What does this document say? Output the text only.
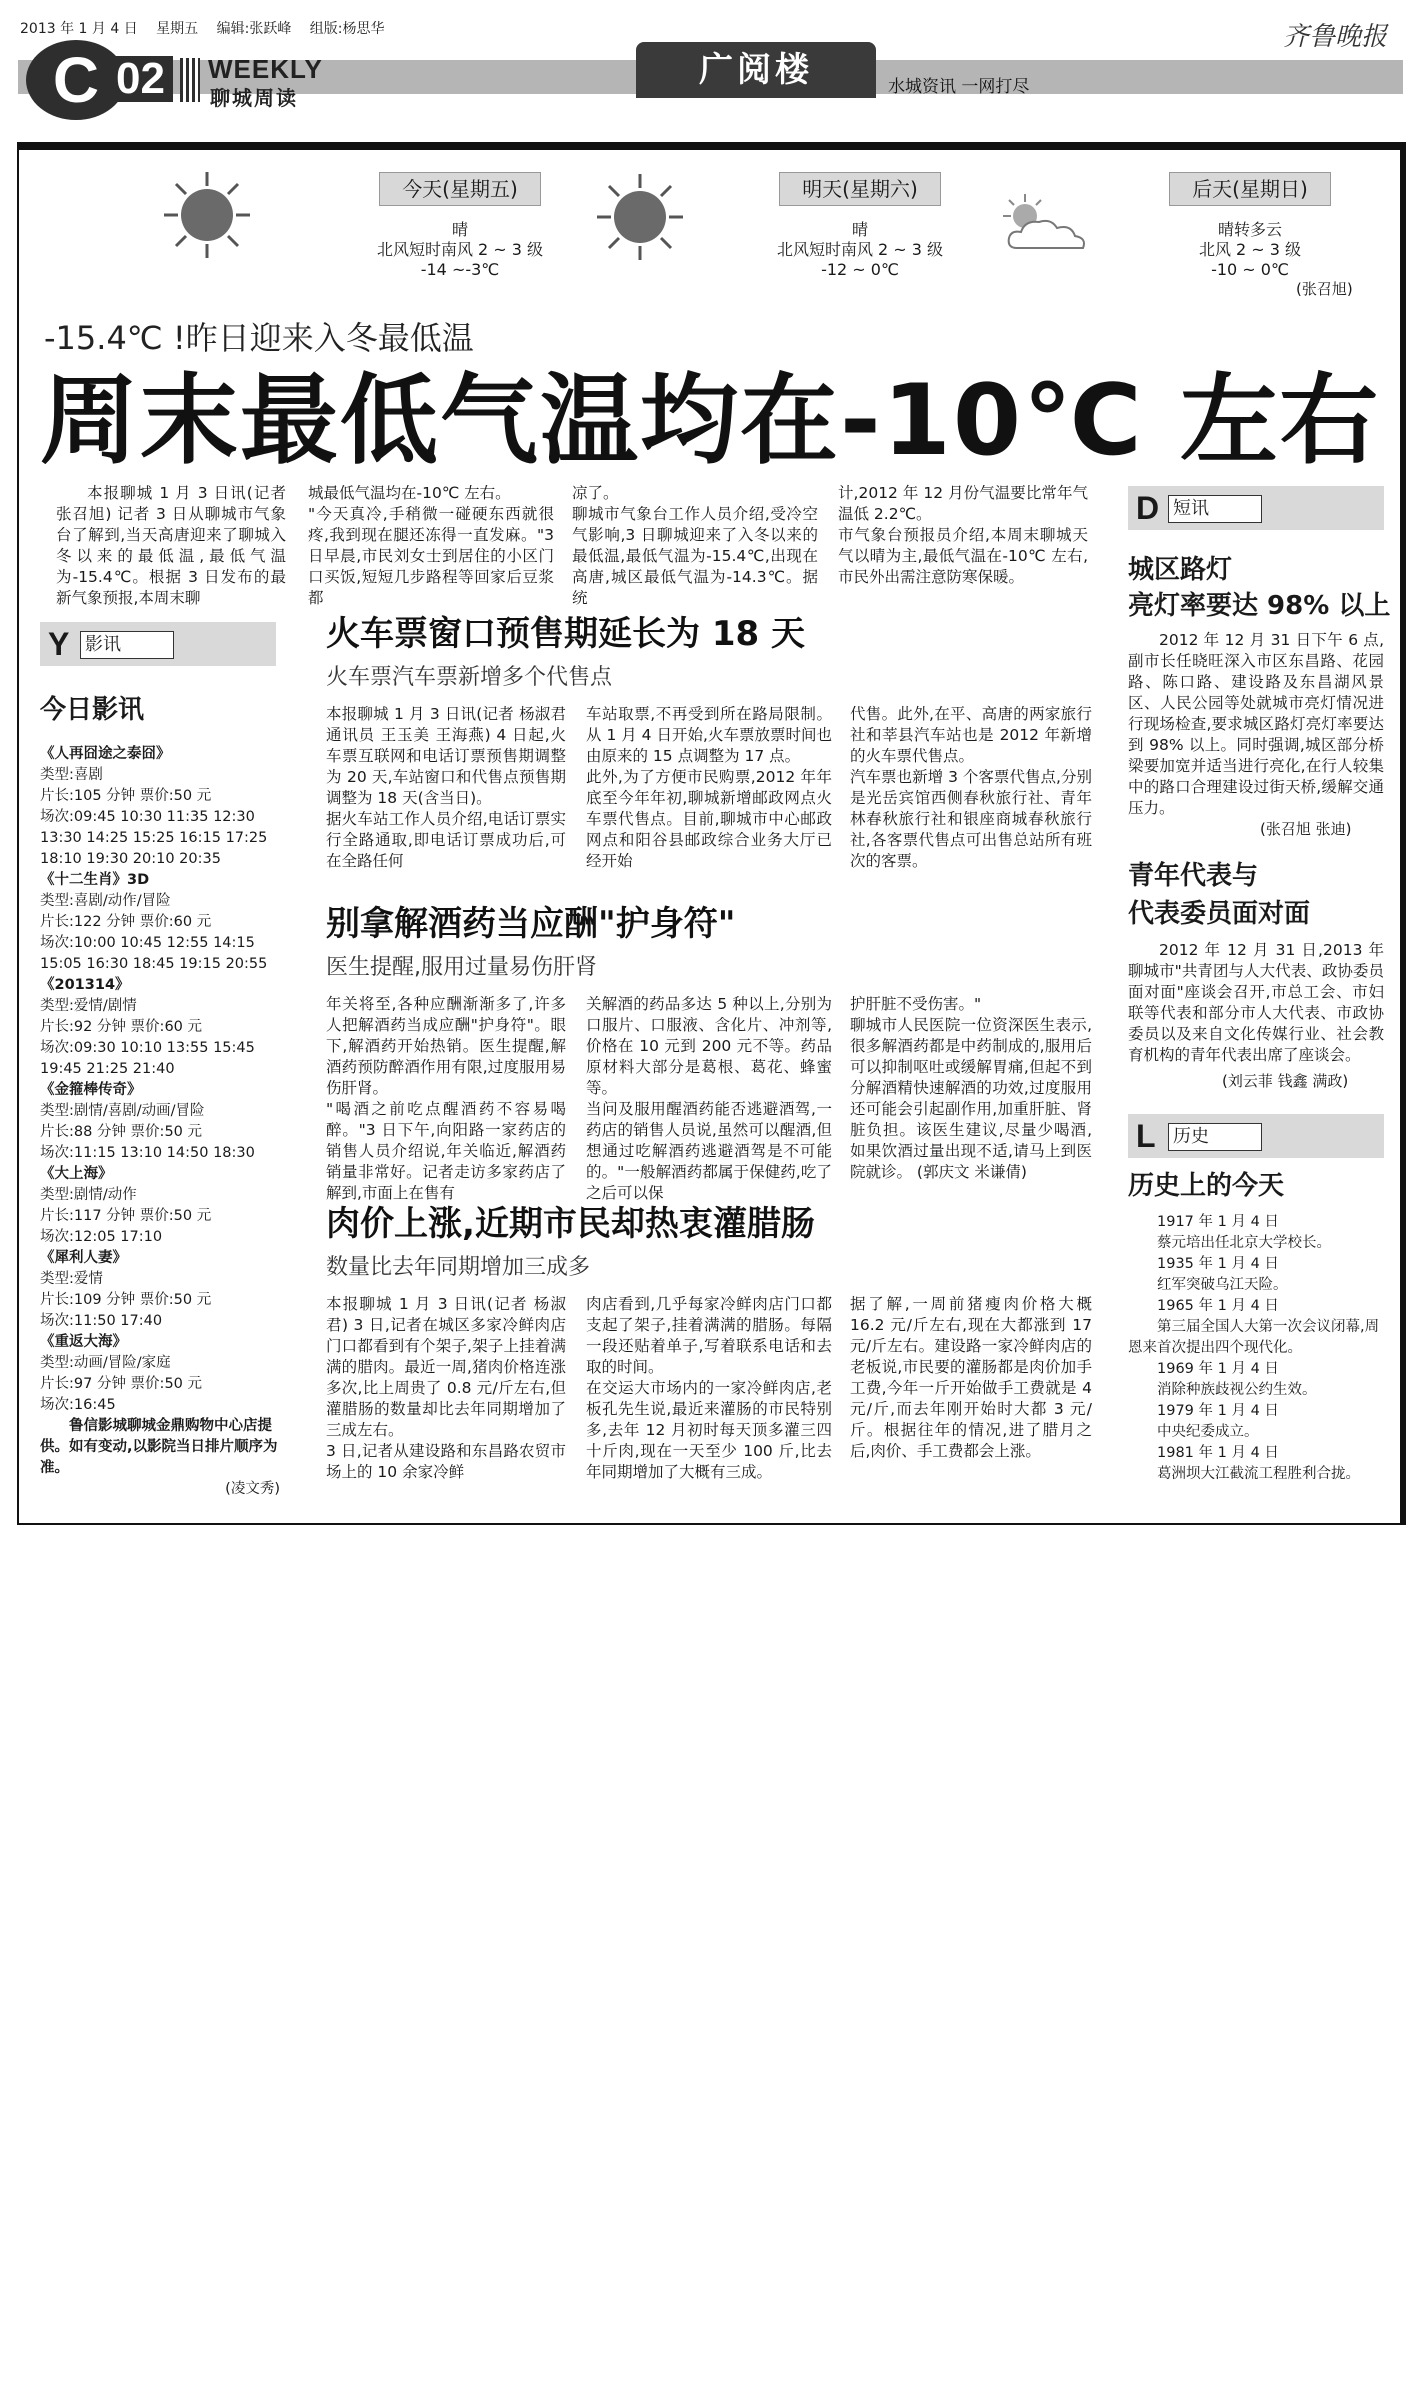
2013 年 1 月 4 日 星期五 编辑:张跃峰 组版:杨思华	齐鲁晚报
C 02	WEEKLY
聊城周读
广阅楼	水城资讯 一网打尽
今天(星期五)
晴
北风短时南风 2 ~ 3 级
-14 ~-3℃
明天(星期六)
晴
北风短时南风 2 ~ 3 级
-12 ~ 0℃
后天(星期日)
晴转多云
北风 2 ~ 3 级
-10 ~ 0℃
(张召旭)
-15.4℃ !昨日迎来入冬最低温
周末最低气温均在-10℃ 左右

本报聊城 1 月 3 日讯(记者 张召旭) 记者 3 日从聊城市气象台了解到,当天高唐迎来了聊城入冬以来的最低温,最低气温为-15.4℃。根据 3 日发布的最新气象预报,本周末聊

城最低气温均在-10℃ 左右。
"今天真冷,手稍微一碰硬东西就很疼,我到现在腿还冻得一直发麻。"3 日早晨,市民刘女士到居住的小区门口买饭,短短几步路程等回家后豆浆都

凉了。
聊城市气象台工作人员介绍,受冷空气影响,3 日聊城迎来了入冬以来的最低温,最低气温为-15.4℃,出现在高唐,城区最低气温为-14.3℃。据统

计,2012 年 12 月份气温要比常年气温低 2.2℃。
市气象台预报员介绍,本周末聊城天气以晴为主,最低气温在-10℃ 左右,市民外出需注意防寒保暖。

Y 影讯
今日影讯
《人再囧途之泰囧》
类型:喜剧
片长:105 分钟 票价:50 元
场次:09:45 10:30 11:35 12:30 13:30 14:25 15:25 16:15 17:25 18:10 19:30 20:10 20:35
《十二生肖》3D
类型:喜剧/动作/冒险
片长:122 分钟 票价:60 元
场次:10:00 10:45 12:55 14:15 15:05 16:30 18:45 19:15 20:55
《201314》
类型:爱情/剧情
片长:92 分钟 票价:60 元
场次:09:30 10:10 13:55 15:45 19:45 21:25 21:40
《金箍棒传奇》
类型:剧情/喜剧/动画/冒险
片长:88 分钟 票价:50 元
场次:11:15 13:10 14:50 18:30
《大上海》
类型:剧情/动作
片长:117 分钟 票价:50 元
场次:12:05 17:10
《犀利人妻》
类型:爱情
片长:109 分钟 票价:50 元
场次:11:50 17:40
《重返大海》
类型:动画/冒险/家庭
片长:97 分钟 票价:50 元
场次:16:45
鲁信影城聊城金鼎购物中心店提供。如有变动,以影院当日排片顺序为准。
(凌文秀)
火车票窗口预售期延长为 18 天
火车票汽车票新增多个代售点
本报聊城 1 月 3 日讯(记者 杨淑君 通讯员 王玉美 王海燕) 4 日起,火车票互联网和电话订票预售期调整为 20 天,车站窗口和代售点预售期调整为 18 天(含当日)。
据火车站工作人员介绍,电话订票实行全路通取,即电话订票成功后,可在全路任何
车站取票,不再受到所在路局限制。从 1 月 4 日开始,火车票放票时间也由原来的 15 点调整为 17 点。
此外,为了方便市民购票,2012 年年底至今年年初,聊城新增邮政网点火车票代售点。目前,聊城市中心邮政网点和阳谷县邮政综合业务大厅已经开始
代售。此外,在平、高唐的两家旅行社和莘县汽车站也是 2012 年新增的火车票代售点。
汽车票也新增 3 个客票代售点,分别是光岳宾馆西侧春秋旅行社、青年林春秋旅行社和银座商城春秋旅行社,各客票代售点可出售总站所有班次的客票。
别拿解酒药当应酬"护身符"
医生提醒,服用过量易伤肝肾
年关将至,各种应酬渐渐多了,许多人把解酒药当成应酬"护身符"。眼下,解酒药开始热销。医生提醒,解酒药预防醉酒作用有限,过度服用易伤肝肾。
"喝酒之前吃点醒酒药不容易喝醉。"3 日下午,向阳路一家药店的销售人员介绍说,年关临近,解酒药销量非常好。记者走访多家药店了解到,市面上在售有
关解酒的药品多达 5 种以上,分别为口服片、口服液、含化片、冲剂等,价格在 10 元到 200 元不等。药品原材料大部分是葛根、葛花、蜂蜜等。
当问及服用醒酒药能否逃避酒驾,一药店的销售人员说,虽然可以醒酒,但想通过吃解酒药逃避酒驾是不可能的。"一般解酒药都属于保健药,吃了之后可以保
护肝脏不受伤害。"
聊城市人民医院一位资深医生表示,很多解酒药都是中药制成的,服用后可以抑制呕吐或缓解胃痛,但起不到分解酒精快速解酒的功效,过度服用还可能会引起副作用,加重肝脏、肾脏负担。该医生建议,尽量少喝酒,如果饮酒过量出现不适,请马上到医院就诊。 (郭庆文 米谦倩)
肉价上涨,近期市民却热衷灌腊肠
数量比去年同期增加三成多
本报聊城 1 月 3 日讯(记者 杨淑君) 3 日,记者在城区多家冷鲜肉店门口都看到有个架子,架子上挂着满满的腊肉。最近一周,猪肉价格连涨多次,比上周贵了 0.8 元/斤左右,但灌腊肠的数量却比去年同期增加了三成左右。
3 日,记者从建设路和东昌路农贸市场上的 10 余家冷鲜
肉店看到,几乎每家冷鲜肉店门口都支起了架子,挂着满满的腊肠。每隔一段还贴着单子,写着联系电话和去取的时间。
在交运大市场内的一家冷鲜肉店,老板孔先生说,最近来灌肠的市民特别多,去年 12 月初时每天顶多灌三四十斤肉,现在一天至少 100 斤,比去年同期增加了大概有三成。
据了解,一周前猪瘦肉价格大概 16.2 元/斤左右,现在大都涨到 17 元/斤左右。建设路一家冷鲜肉店的老板说,市民要的灌肠都是肉价加手工费,今年一斤开始做手工费就是 4 元/斤,而去年刚开始时大都 3 元/斤。根据往年的情况,进了腊月之后,肉价、手工费都会上涨。
D 短讯
城区路灯
亮灯率要达 98% 以上

2012 年 12 月 31 日下午 6 点,副市长任晓旺深入市区东昌路、花园路、陈口路、建设路及东昌湖风景区、人民公园等处就城市亮灯情况进行现场检查,要求城区路灯亮灯率要达到 98% 以上。同时强调,城区部分桥梁要加宽并适当进行亮化,在行人较集中的路口合理建设过街天桥,缓解交通压力。

(张召旭 张迪)
青年代表与
代表委员面对面

2012 年 12 月 31 日,2013 年聊城市"共青团与人大代表、政协委员面对面"座谈会召开,市总工会、市妇联等代表和部分市人大代表、市政协委员以及来自文化传媒行业、社会教育机构的青年代表出席了座谈会。

(刘云菲 钱鑫 满政)
L 历史
历史上的今天
1917 年 1 月 4 日
蔡元培出任北京大学校长。
1935 年 1 月 4 日
红军突破乌江天险。
1965 年 1 月 4 日
第三届全国人大第一次会议闭幕,周恩来首次提出四个现代化。
1969 年 1 月 4 日
消除种族歧视公约生效。
1979 年 1 月 4 日
中央纪委成立。
1981 年 1 月 4 日
葛洲坝大江截流工程胜利合拢。
